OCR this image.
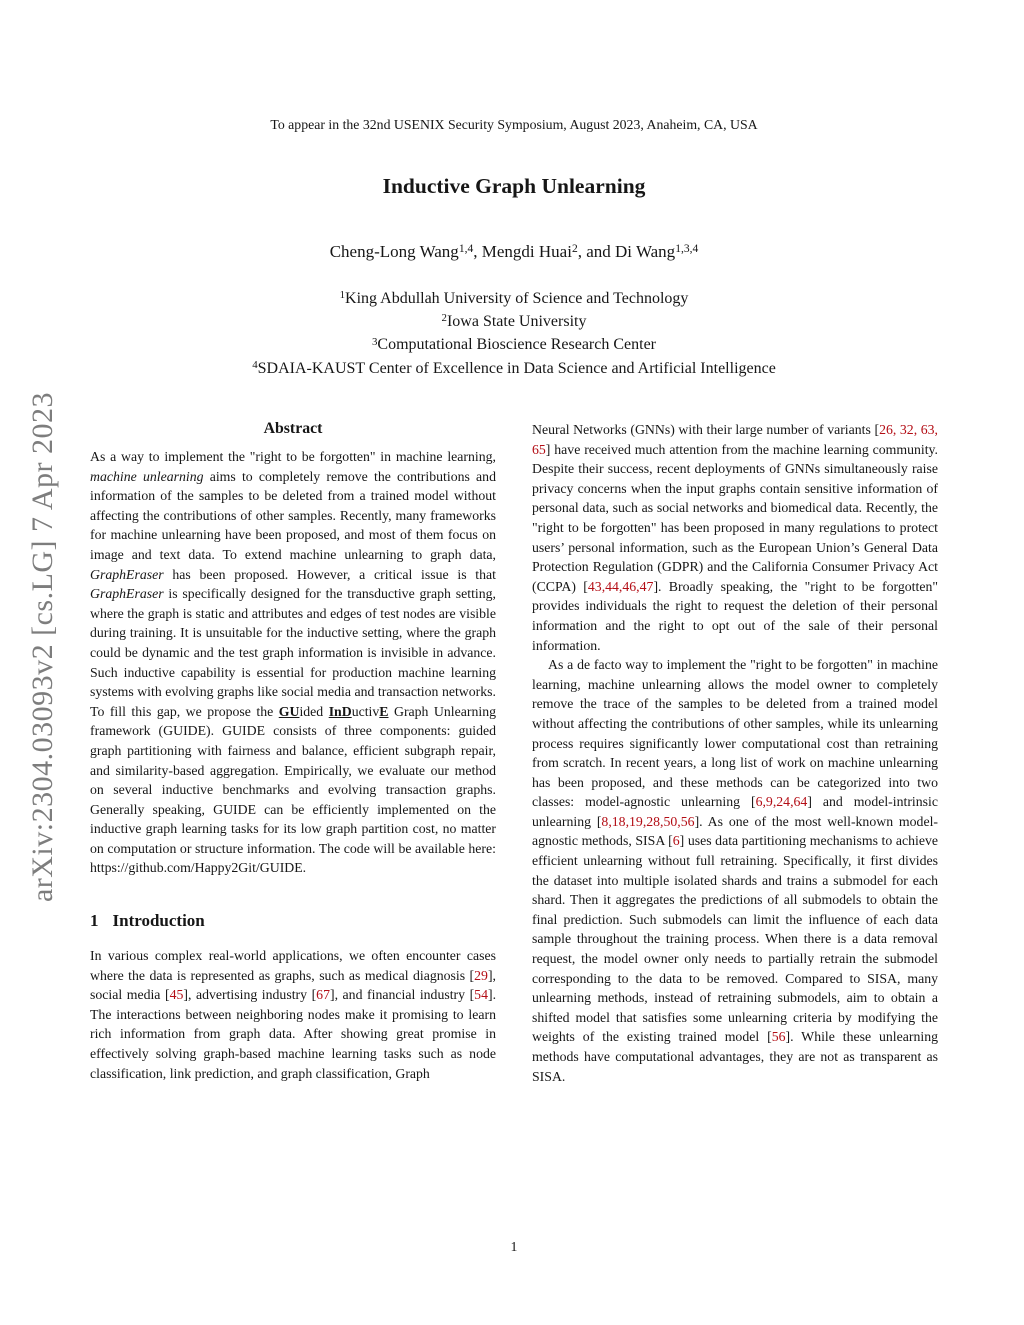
arXiv:2304.03093v2 [cs.LG] 7 Apr 2023
To appear in the 32nd USENIX Security Symposium, August 2023, Anaheim, CA, USA
Inductive Graph Unlearning
Cheng-Long Wang$^{1,4}$, Mengdi Huai$^2$, and Di Wang$^{1,3,4}$
$^1$King Abdullah University of Science and Technology
$^2$Iowa State University
$^3$Computational Bioscience Research Center
$^4$SDAIA-KAUST Center of Excellence in Data Science and Artificial Intelligence
Abstract

As a way to implement the "right to be forgotten" in machine learning, machine unlearning aims to completely remove the contributions and information of the samples to be deleted from a trained model without affecting the contributions of other samples. Recently, many frameworks for machine unlearning have been proposed, and most of them focus on image and text data. To extend machine unlearning to graph data, GraphEraser has been proposed. However, a critical issue is that GraphEraser is specifically designed for the transductive graph setting, where the graph is static and attributes and edges of test nodes are visible during training. It is unsuitable for the inductive setting, where the graph could be dynamic and the test graph information is invisible in advance. Such inductive capability is essential for production machine learning systems with evolving graphs like social media and transaction networks. To fill this gap, we propose the GUided InDuctivE Graph Unlearning framework (GUIDE). GUIDE consists of three components: guided graph partitioning with fairness and balance, efficient subgraph repair, and similarity-based aggregation. Empirically, we evaluate our method on several inductive benchmarks and evolving transaction graphs. Generally speaking, GUIDE can be efficiently implemented on the inductive graph learning tasks for its low graph partition cost, no matter on computation or structure information. The code will be available here: https://github.com/Happy2Git/GUIDE.

1 Introduction

In various complex real-world applications, we often encounter cases where the data is represented as graphs, such as medical diagnosis [29], social media [45], advertising industry [67], and financial industry [54]. The interactions between neighboring nodes make it promising to learn rich information from graph data. After showing great promise in effectively solving graph-based machine learning tasks such as node classification, link prediction, and graph classification, Graph

Neural Networks (GNNs) with their large number of variants [26, 32, 63, 65] have received much attention from the machine learning community. Despite their success, recent deployments of GNNs simultaneously raise privacy concerns when the input graphs contain sensitive information of personal data, such as social networks and biomedical data. Recently, the "right to be forgotten" has been proposed in many regulations to protect users’ personal information, such as the European Union’s General Data Protection Regulation (GDPR) and the California Consumer Privacy Act (CCPA) [43,44,46,47]. Broadly speaking, the "right to be forgotten" provides individuals the right to request the deletion of their personal information and the right to opt out of the sale of their personal information.

As a de facto way to implement the "right to be forgotten" in machine learning, machine unlearning allows the model owner to completely remove the trace of the samples to be deleted from a trained model without affecting the contributions of other samples, while its unlearning process requires significantly lower computational cost than retraining from scratch. In recent years, a long list of work on machine unlearning has been proposed, and these methods can be categorized into two classes: model-agnostic unlearning [6,9,24,64] and model-intrinsic unlearning [8,18,19,28,50,56]. As one of the most well-known model-agnostic methods, SISA [6] uses data partitioning mechanisms to achieve efficient unlearning without full retraining. Specifically, it first divides the dataset into multiple isolated shards and trains a submodel for each shard. Then it aggregates the predictions of all submodels to obtain the final prediction. Such submodels can limit the influence of each data sample throughout the training process. When there is a data removal request, the model owner only needs to partially retrain the submodel corresponding to the data to be removed. Compared to SISA, many unlearning methods, instead of retraining submodels, aim to obtain a shifted model that satisfies some unlearning criteria by modifying the weights of the existing trained model [56]. While these unlearning methods have computational advantages, they are not as transparent as SISA.

1
